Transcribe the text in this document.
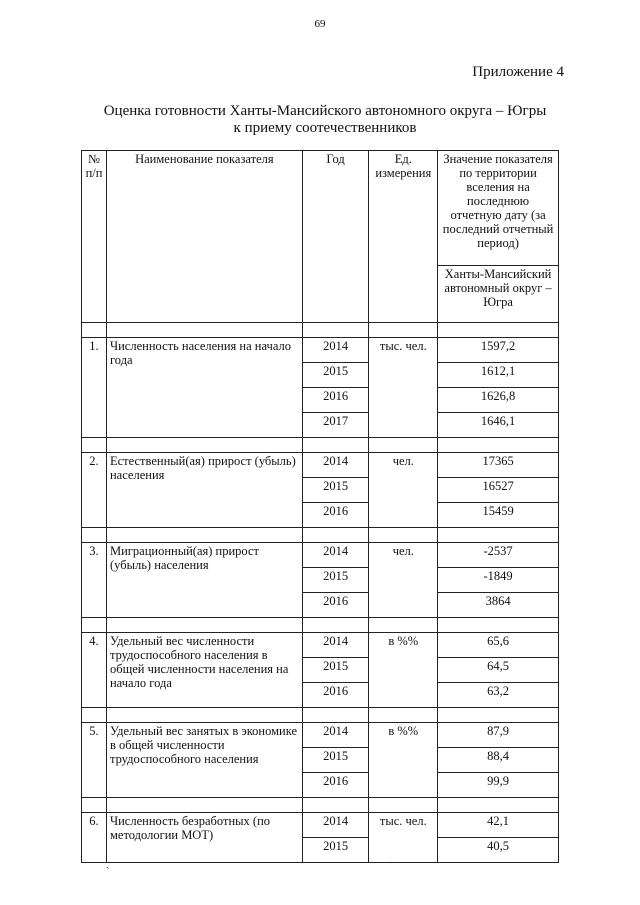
69
Приложение 4
Оценка готовности Ханты-Мансийского автономного округа – Югры
к приему соотечественников
№ п/п	Наименование показателя	Год	Ед. измерения	Значение показателя по территории вселения на последнюю отчетную дату (за последний отчетный период)
				Ханты-Мансийский автономный округ – Югра

1.	Численность населения на начало года	2014	тыс. чел.	1597,2
		2015		1612,1
		2016		1626,8
		2017		1646,1

2.	Естественный(ая) прирост (убыль) населения	2014	чел.	17365
		2015		16527
		2016		15459

3.	Миграционный(ая) прирост (убыль) населения	2014	чел.	-2537
		2015		-1849
		2016		3864

4.	Удельный вес численности трудоспособного населения в общей численности населения на начало года	2014	в %%	65,6
		2015		64,5
		2016		63,2

5.	Удельный вес занятых в экономике в общей численности трудоспособного населения	2014	в %%	87,9
		2015		88,4
		2016		99,9

6.	Численность безработных (по методологии МОТ)	2014	тыс. чел.	42,1
		2015		40,5
ˏ	·
